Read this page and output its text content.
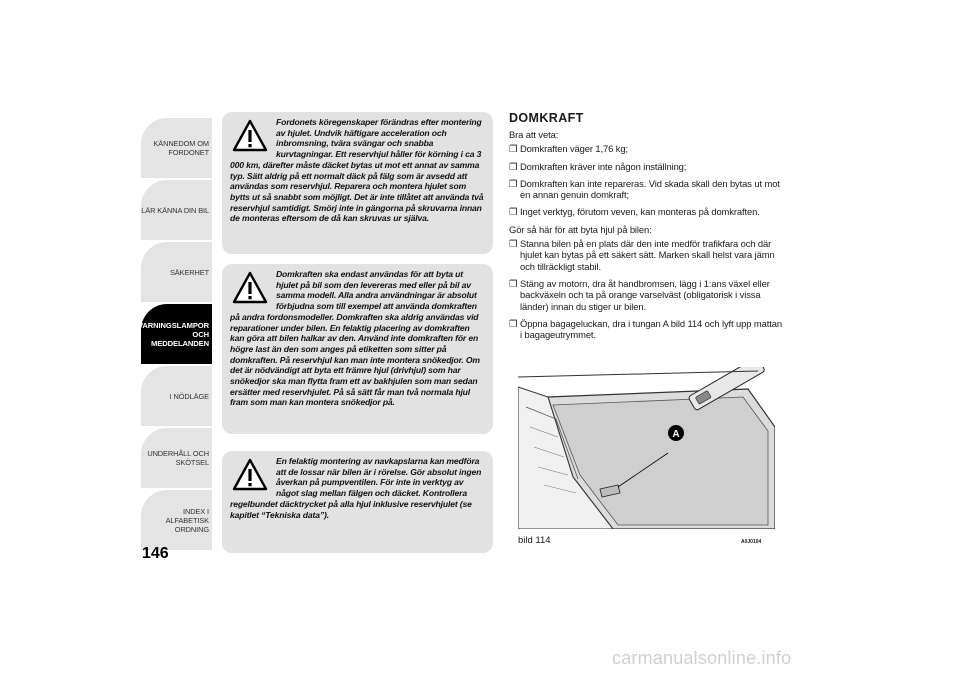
KÄNNEDOM OM
FORDONET
LÄR KÄNNA DIN BIL
SÄKERHET
VARNINGSLAMPOR
OCH
MEDDELANDEN
I NÖDLÄGE
UNDERHÅLL OCH
SKÖTSEL
INDEX I ALFABETISK
ORDNING
146
Fordonets köregenskaper förändras efter montering av hjulet. Undvik häftigare acceleration och inbromsning, tvära svängar och snabba kurvtagningar. Ett reservhjul håller för körning i ca 3 000 km, därefter måste däcket bytas ut mot ett annat av samma typ. Sätt aldrig på ett normalt däck på fälg som är avsedd att användas som reservhjul. Reparera och montera hjulet som bytts ut så snabbt som möjligt. Det är inte tillåtet att använda två reservhjul samtidigt. Smörj inte in gängorna på skruvarna innan de monteras eftersom de då kan skruvas ur själva.
Domkraften ska endast användas för att byta ut hjulet på bil som den levereras med eller på bil av samma modell. Alla andra användningar är absolut förbjudna som till exempel att använda domkraften på andra fordonsmodeller. Domkraften ska aldrig användas vid reparationer under bilen. En felaktig placering av domkraften kan göra att bilen halkar av den. Använd inte domkraften för en högre last än den som anges på etiketten som sitter på domkraften. På reservhjul kan man inte montera snökedjor. Om det är nödvändigt att byta ett främre hjul (drivhjul) som har snökedjor ska man flytta fram ett av bakhjulen som man sedan ersätter med reservhjulet. På så sätt får man två normala hjul fram som man kan montera snökedjor på.
En felaktig montering av navkapslarna kan medföra att de lossar när bilen är i rörelse. Gör absolut ingen åverkan på pumpventilen. För inte in verktyg av något slag mellan fälgen och däcket. Kontrollera regelbundet däcktrycket på alla hjul inklusive reservhjulet (se kapitlet “Tekniska data”).
DOMKRAFT
Bra att veta:
❒ Domkraften väger 1,76 kg;
❒ Domkraften kräver inte någon inställning;
❒ Domkraften kan inte repareras. Vid skada skall den bytas ut mot en annan genuin domkraft;
❒ Inget verktyg, förutom veven, kan monteras på domkraften.
Gör så här för att byta hjul på bilen:
❒ Stanna bilen på en plats där den inte medför trafikfara och där hjulet kan bytas på ett säkert sätt. Marken skall helst vara jämn och tillräckligt stabil.
❒ Stäng av motorn, dra åt handbromsen, lägg i 1:ans växel eller backväxeln och ta på orange varselväst (obligatorisk i vissa länder) innan du stiger ur bilen.
❒ Öppna bagageluckan, dra i tungan A bild 114 och lyft upp mattan i bagageutrymmet.
A
bild 114	A0J0104
carmanualsonline.info
